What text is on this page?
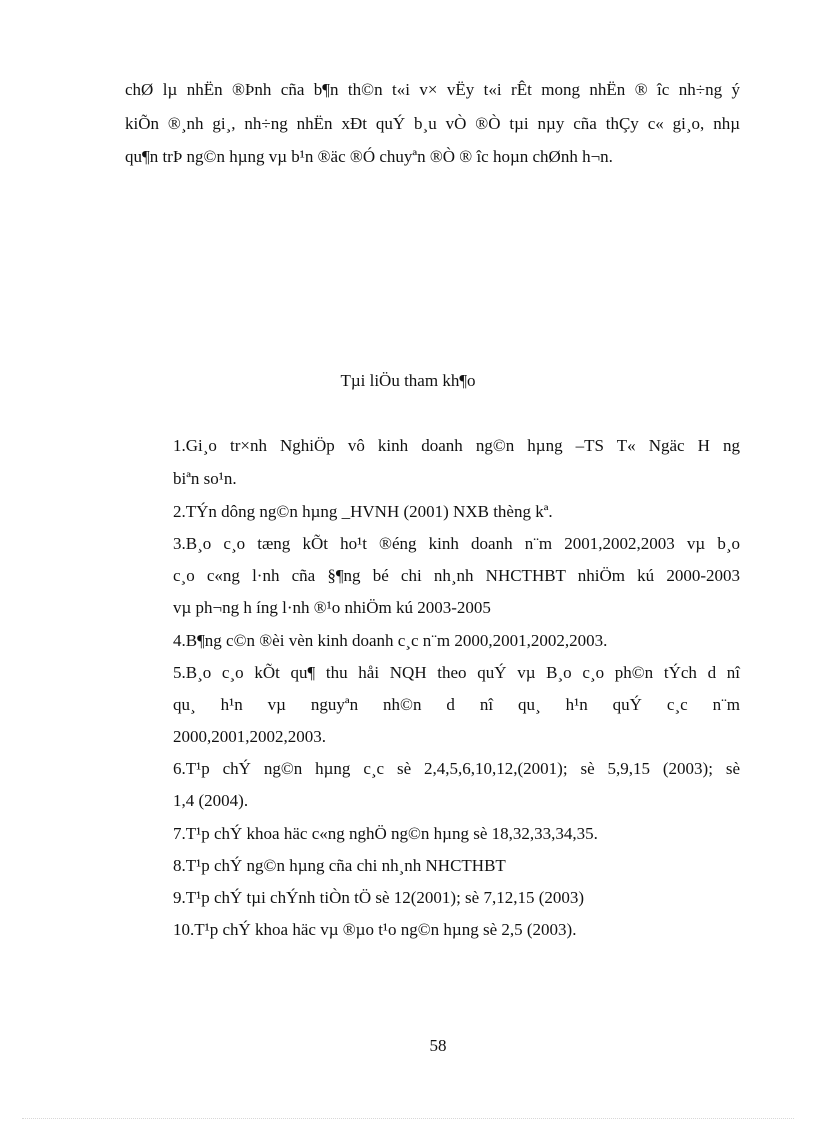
chØ lµ nhËn ®Þnh cña b¶n th©n t«i v× vËy t«i rÊt mong nhËn ® îc nh÷ng ý
kiÕn ®¸nh gi¸, nh÷ng nhËn xÐt quÝ b¸u vÒ ®Ò tµi nµy cña thÇy c« gi¸o, nhµ
qu¶n trÞ ng©n hµng vµ b¹n ®äc ®Ó chuyªn ®Ò ® îc hoµn chØnh h¬n.
Tµi liÖu tham kh¶o
1.Gi¸o tr×nh NghiÖp vô kinh doanh ng©n hµng –TS T« Ngäc H ng
biªn so¹n.
2.TÝn dông ng©n hµng _HVNH (2001) NXB thèng kª.
3.B¸o c¸o tæng kÕt ho¹t ®éng kinh doanh n¨m 2001,2002,2003 vµ b¸o
c¸o c«ng l·nh cña §¶ng bé chi nh¸nh NHCTHBT nhiÖm kú 2000-2003
vµ ph¬ng h íng l·nh ®¹o nhiÖm kú 2003-2005
4.B¶ng c©n ®èi vèn kinh doanh c¸c n¨m 2000,2001,2002,2003.
5.B¸o c¸o kÕt qu¶ thu håi NQH theo quÝ vµ B¸o c¸o ph©n tÝch d nî
qu¸ h¹n vµ nguyªn nh©n d nî qu¸ h¹n quÝ c¸c n¨m
2000,2001,2002,2003.
6.T¹p chÝ ng©n hµng c¸c sè 2,4,5,6,10,12,(2001); sè 5,9,15 (2003); sè
1,4 (2004).
7.T¹p chÝ khoa häc c«ng nghÖ ng©n hµng sè 18,32,33,34,35.
8.T¹p chÝ ng©n hµng cña chi nh¸nh NHCTHBT
9.T¹p chÝ tµi chÝnh tiÒn tÖ sè 12(2001); sè 7,12,15 (2003)
10.T¹p chÝ khoa häc vµ ®µo t¹o ng©n hµng sè 2,5 (2003).
58
